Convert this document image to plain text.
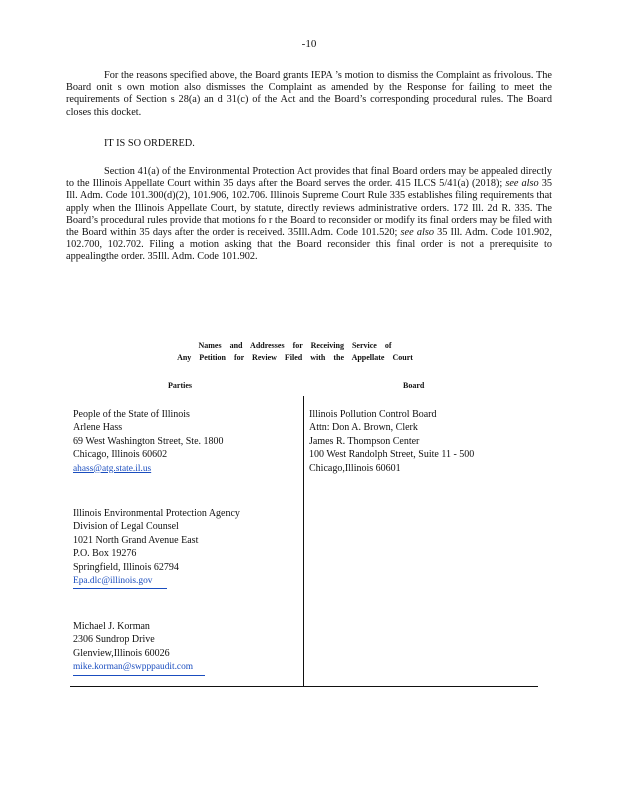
-10

For the reasons specified above, the Board grants IEPA ’s motion to dismiss the Complaint as frivolous. The Board onit s own motion also dismisses the Complaint as amended by the Response for failing to meet the requirements of Section s 28(a) an d 31(c) of the Act and the Board’s corresponding procedural rules. The Board closes this docket.

IT IS SO ORDERED.

Section 41(a) of the Environmental Protection Act provides that final Board orders may be appealed directly to the Illinois Appellate Court within 35 days after the Board serves the order. 415 ILCS 5/41(a) (2018); see also 35 Ill. Adm. Code 101.300(d)(2), 101.906, 102.706. Illinois Supreme Court Rule 335 establishes filing requirements that apply when the Illinois Appellate Court, by statute, directly reviews administrative orders. 172 Ill. 2d R. 335. The Board’s procedural rules provide that motions fo r the Board to reconsider or modify its final orders may be filed with the Board within 35 days after the order is received. 35Ill.Adm. Code 101.520; see also 35 Ill. Adm. Code 101.902, 102.700, 102.702. Filing a motion asking that the Board reconsider this final order is not a prerequisite to appealingthe order. 35Ill. Adm. Code 101.902.

Names and Addresses for Receiving Service of
Any Petition for Review Filed with the Appellate Court
Parties	Board
People of the State of Illinois
Arlene Hass
69 West Washington Street, Ste. 1800
Chicago, Illinois 60602
ahass@atg.state.il.us
Illinois Environmental Protection Agency
Division of Legal Counsel
1021 North Grand Avenue East
P.O. Box 19276
Springfield, Illinois 62794
Epa.dlc@illinois.gov
Michael J. Korman
2306 Sundrop Drive
Glenview,Illinois 60026
mike.korman@swpppaudit.com
Illinois Pollution Control Board
Attn: Don A. Brown, Clerk
James R. Thompson Center
100 West Randolph Street, Suite 11 - 500
Chicago,Illinois 60601
